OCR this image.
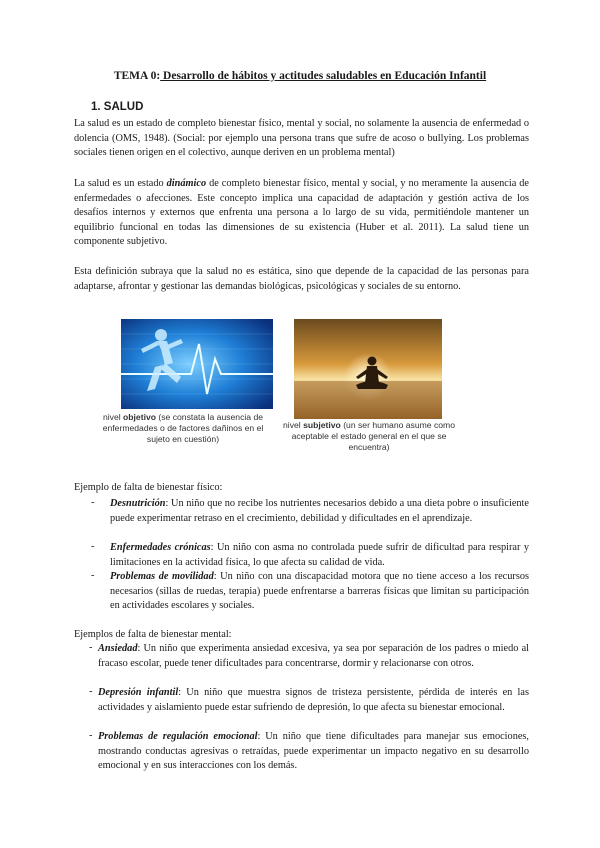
TEMA 0: Desarrollo de hábitos y actitudes saludables en Educación Infantil
1. SALUD

La salud es un estado de completo bienestar físico, mental y social, no solamente la ausencia de enfermedad o dolencia (OMS, 1948). (Social: por ejemplo una persona trans que sufre de acoso o bullying. Los problemas sociales tienen origen en el colectivo, aunque deriven en un problema mental)

La salud es un estado dinámico de completo bienestar físico, mental y social, y no meramente la ausencia de enfermedades o afecciones. Este concepto implica una capacidad de adaptación y gestión activa de los desafíos internos y externos que enfrenta una persona a lo largo de su vida, permitiéndole mantener un equilibrio funcional en todas las dimensiones de su existencia (Huber et al. 2011). La salud tiene un componente subjetivo.

Esta definición subraya que la salud no es estática, sino que depende de la capacidad de las personas para adaptarse, afrontar y gestionar las demandas biológicas, psicológicas y sociales de su entorno.

nivel objetivo (se constata la ausencia de enfermedades o de factores dañinos en el sujeto en cuestión)
nivel subjetivo (un ser humano asume como aceptable el estado general en el que se encuentra)

Ejemplo de falta de bienestar físico:

- Desnutrición: Un niño que no recibe los nutrientes necesarios debido a una dieta pobre o insuficiente puede experimentar retraso en el crecimiento, debilidad y dificultades en el aprendizaje.

- Enfermedades crónicas: Un niño con asma no controlada puede sufrir de dificultad para respirar y limitaciones en la actividad física, lo que afecta su calidad de vida.

- Problemas de movilidad: Un niño con una discapacidad motora que no tiene acceso a los recursos necesarios (sillas de ruedas, terapia) puede enfrentarse a barreras físicas que limitan su participación en actividades escolares y sociales.

Ejemplos de falta de bienestar mental:

- Ansiedad: Un niño que experimenta ansiedad excesiva, ya sea por separación de los padres o miedo al fracaso escolar, puede tener dificultades para concentrarse, dormir y relacionarse con otros.

- Depresión infantil: Un niño que muestra signos de tristeza persistente, pérdida de interés en las actividades y aislamiento puede estar sufriendo de depresión, lo que afecta su bienestar emocional.

- Problemas de regulación emocional: Un niño que tiene dificultades para manejar sus emociones, mostrando conductas agresivas o retraídas, puede experimentar un impacto negativo en su desarrollo emocional y en sus interacciones con los demás.
